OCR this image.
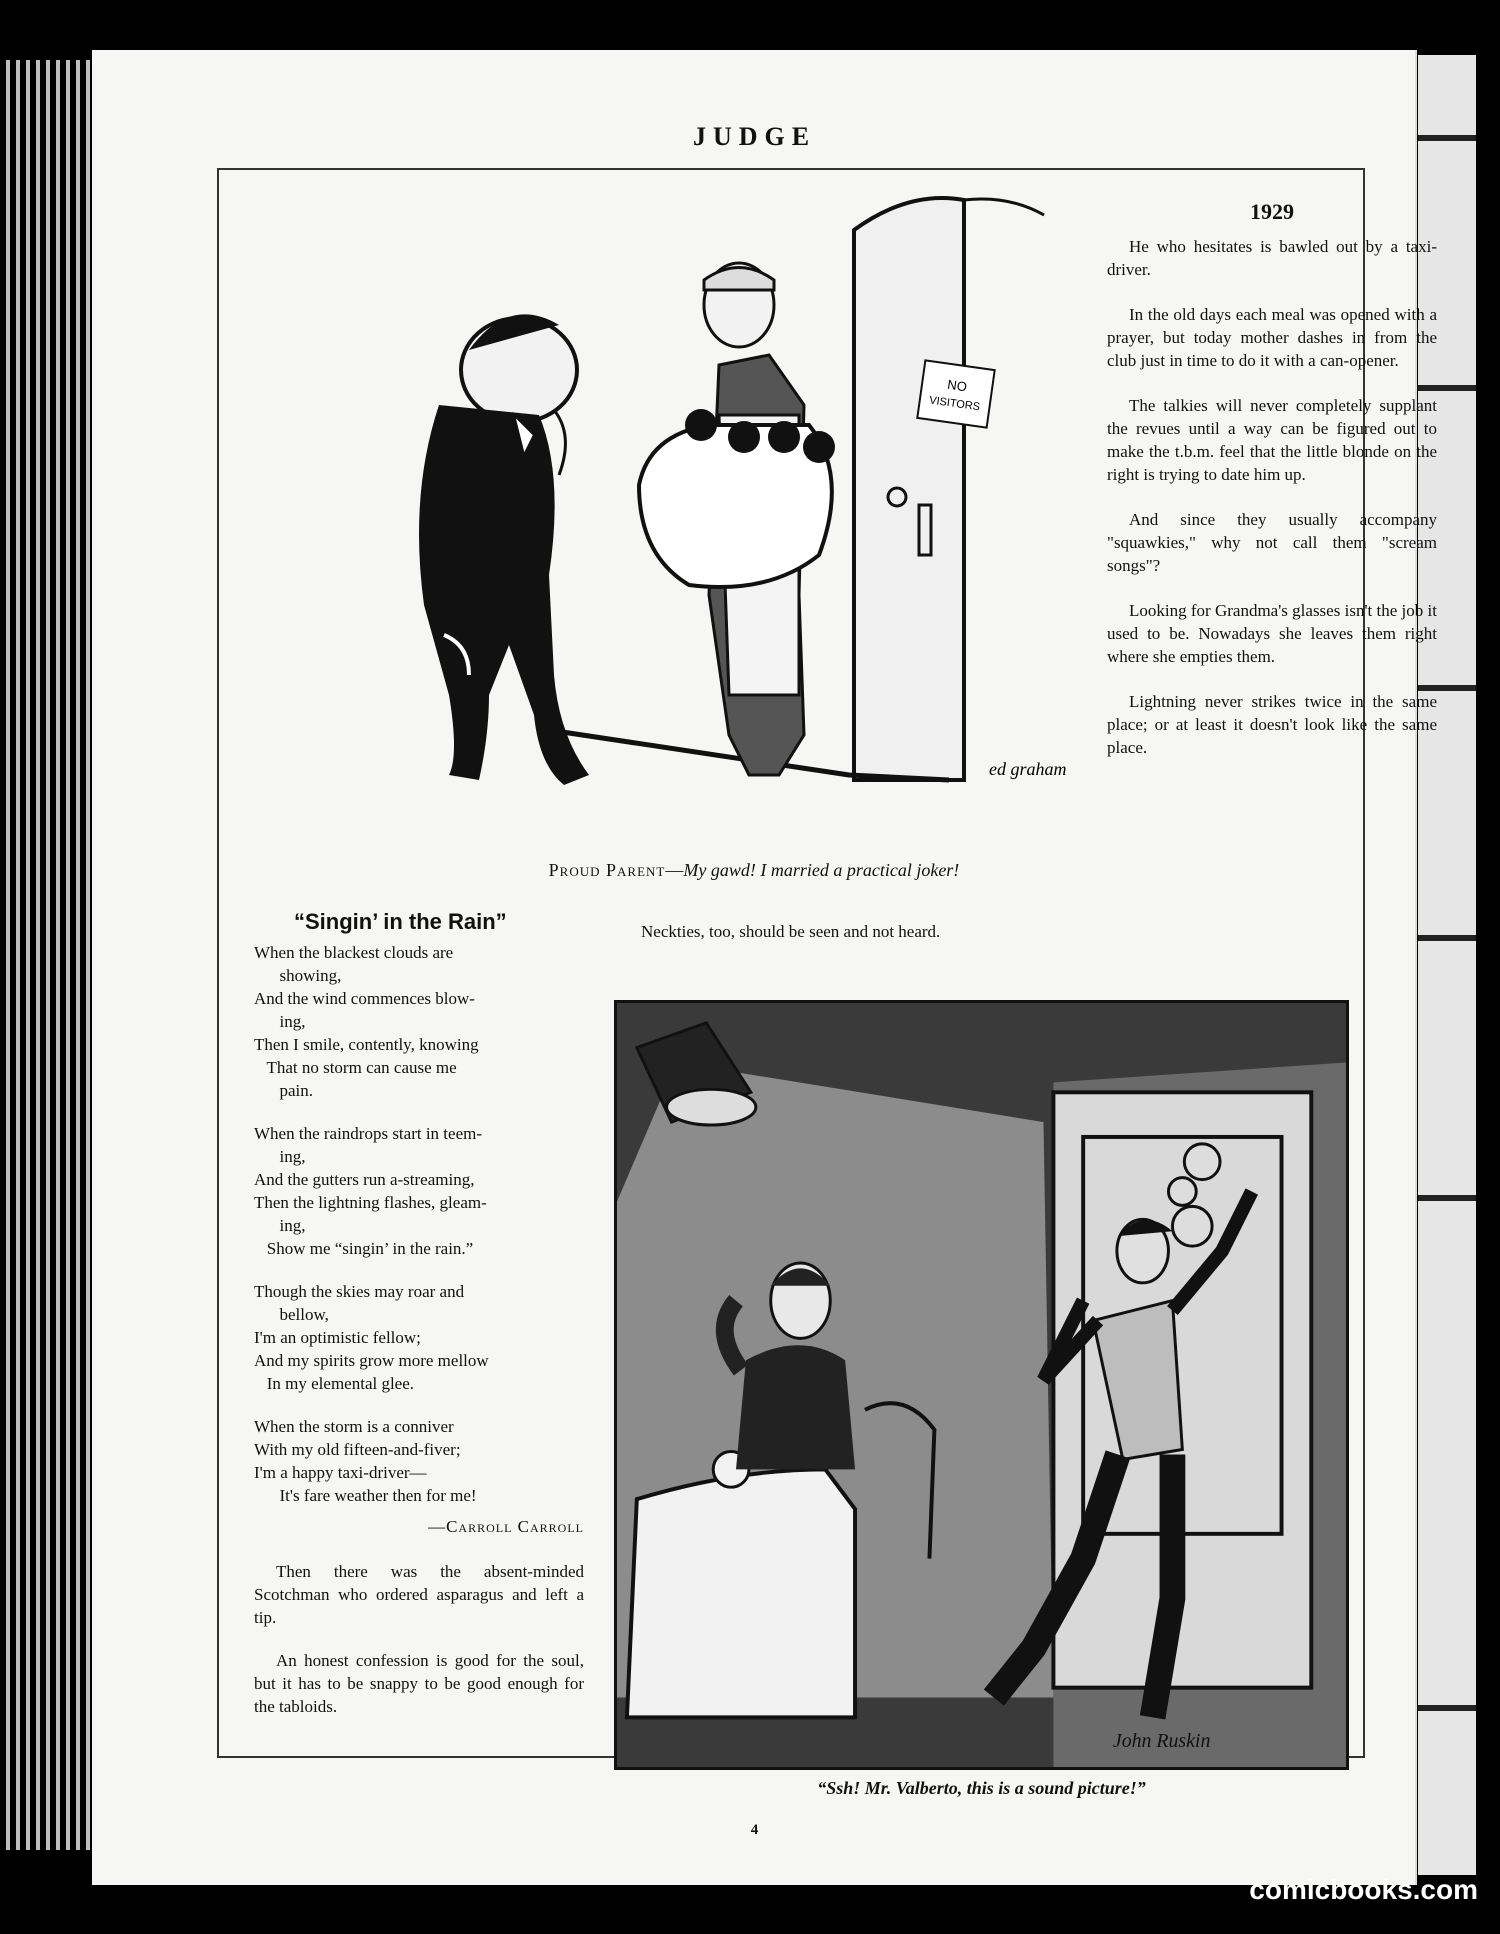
JUDGE
NO
VISITORS
ed graham
Proud Parent—My gawd! I married a practical joker!
1929

He who hesitates is bawled out by a taxi-driver.

In the old days each meal was opened with a prayer, but today mother dashes in from the club just in time to do it with a can-opener.

The talkies will never completely supplant the revues until a way can be figured out to make the t.b.m. feel that the little blonde on the right is trying to date him up.

And since they usually accompany "squawkies," why not call them "scream songs"?

Looking for Grandma's glasses isn't the job it used to be. Nowadays she leaves them right where she empties them.

Lightning never strikes twice in the same place; or at least it doesn't look like the same place.

“Singin’ in the Rain”
When the blackest clouds are
showing,
And the wind commences blow-
ing,
Then I smile, contently, knowing
That no storm can cause me
pain.
When the raindrops start in teem-
ing,
And the gutters run a-streaming,
Then the lightning flashes, gleam-
ing,
Show me “singin’ in the rain.”
Though the skies may roar and
bellow,
I'm an optimistic fellow;
And my spirits grow more mellow
In my elemental glee.
When the storm is a conniver
With my old fifteen-and-fiver;
I'm a happy taxi-driver—
It's fare weather then for me!
—Carroll Carroll

Then there was the absent-minded Scotchman who ordered asparagus and left a tip.

An honest confession is good for the soul, but it has to be snappy to be good enough for the tabloids.

Neckties, too, should be seen and not heard.

John Ruskin
“Ssh! Mr. Valberto, this is a sound picture!”
4
comicbooks.com
